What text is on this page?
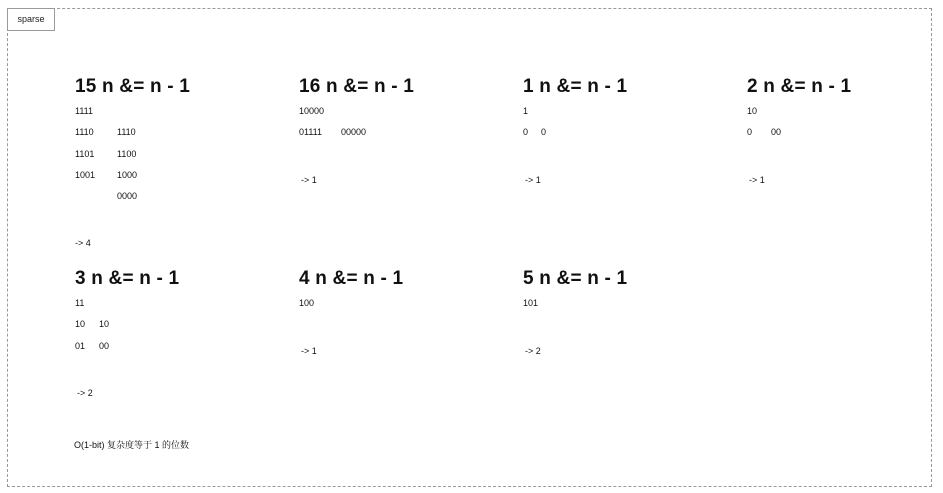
sparse
15 n &= n - 1
1111
1110	1110
1101	1100
1001 1000
0000
-> 4
16 n &= n - 1
10000
01111 00000
-> 1
1 n &= n - 1
1
0 0
-> 1
2 n &= n - 1
10
0 00
-> 1
3 n &= n - 1
11
10 10
01 00
-> 2
4 n &= n - 1
100
-> 1
5 n &= n - 1
101
-> 2
O(1-bit) 复杂度等于 1 的位数
